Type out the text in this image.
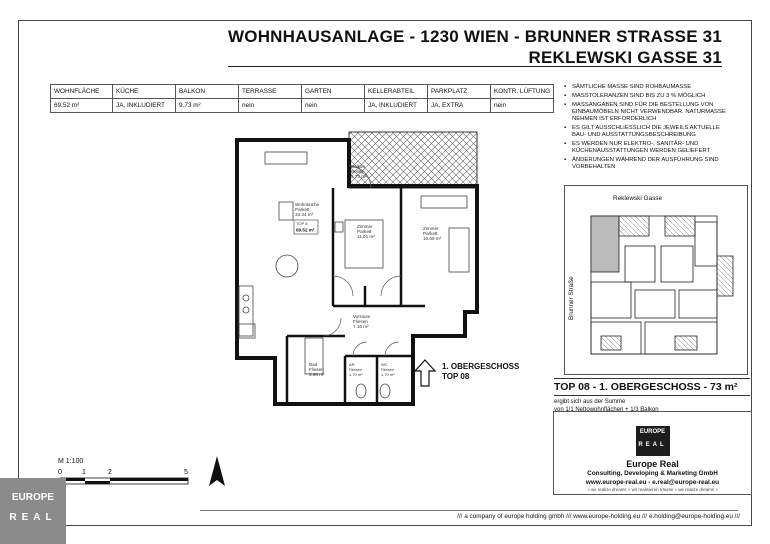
WOHNHAUSANLAGE - 1230 WIEN - BRUNNER STRASSE 31
REKLEWSKI GASSE 31
WOHNFLÄCHE	KÜCHE	BALKON	TERRASSE	GARTEN	KELLERABTEIL	PARKPLATZ	KONTR. LÜFTUNG
69.52 m²	JA, INKLUDIERT	9.73 m²	nein	nein	JA, INKLUDIERT	JA, EXTRA	nein
▪ SÄMTLICHE MASSE SIND ROHBAUMASSE
▪ MASSTOLERANZEN SIND BIS ZU 3 % MÖGLICH
▪ MASSANGABEN SIND FÜR DIE BESTELLUNG VON EINBAUMÖBELN NICHT VERWENDBAR. NATURMASSE NEHMEN IST ERFORDERLICH
▪ ES GILT AUSSCHLIESSLICH DIE JEWEILS AKTUELLE BAU- UND AUSSTATTUNGSBESCHREIBUNG
▪ ES WERDEN NUR ELEKTRO-, SANITÄR- UND KÜCHENAUSSTATTUNGEN WERDEN GELIEFERT
▪ ÄNDERUNGEN WÄHREND DER AUSFÜHRUNG SIND VORBEHALTEN
Balkon
Belag
9.73 m²
Wohnküche
Parkett
33.34 m²
TOP 8
69.52 m²
Zimmer
Parkett
11.01 m²
Zimmer
Parkett
10.69 m²
Vorraum
Fliesen
7.16 m²
Bad
Fliesen
5.98 m²
AR
Fliesen
1.70 m²
WC
Fliesen
1.70 m²
1. OBERGESCHOSS
TOP 08
Reklewski Gasse
Brunner Straße
TOP 08 - 1. OBERGESCHOSS - 73 m²
ergibt sich aus der Summe
von 1/1 Nettowohnflächen + 1/3 Balkon
EUROPE
REAL
Europe Real
Consulting, Developing & Marketing GmbH
www.europe-real.eu - e.real@europe-real.eu
» we realize dreams » wir realisieren träume » we realize dreams »
M 1:100
0	1	2	5
/// a company of europe holding gmbh /// www.europe-holding.eu /// e.holding@europe-holding.eu ///
EUROPE
REAL
